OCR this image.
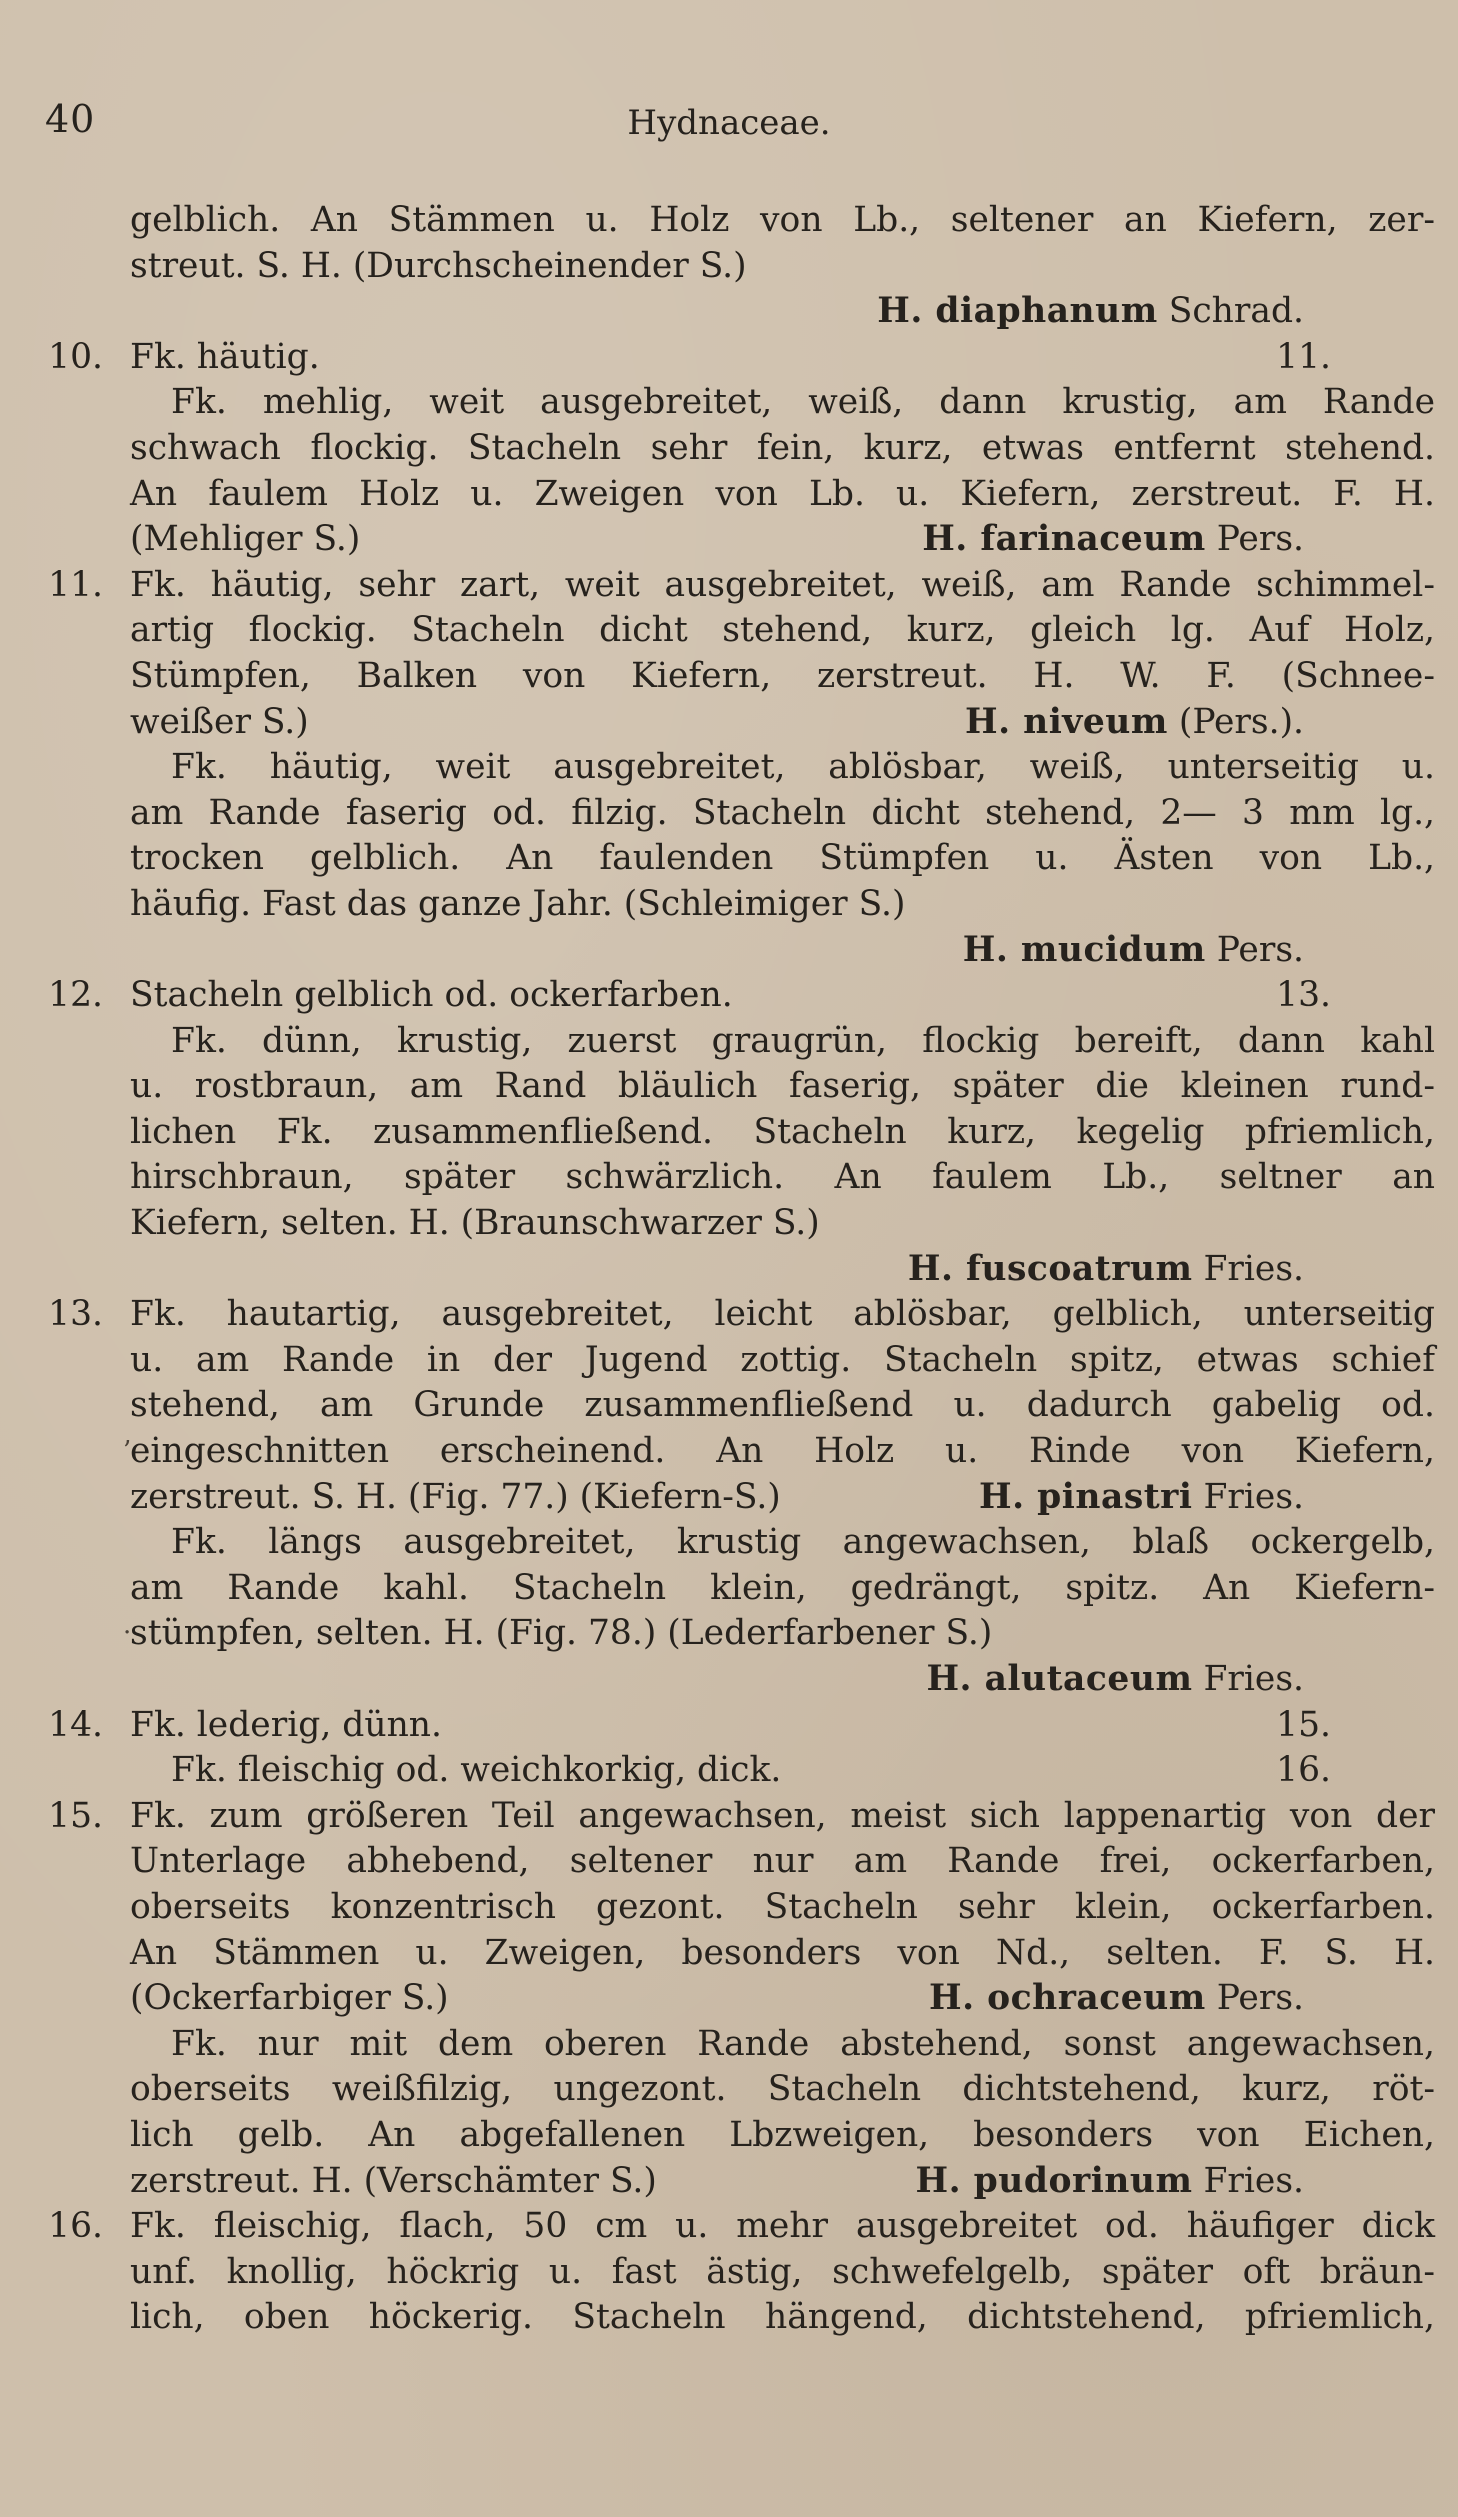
40	Hydnaceae.
gelblich. An Stämmen u. Holz von Lb., seltener an Kiefern, zer-
streut. S. H. (Durchscheinender S.)
H. diaphanum Schrad.
10. Fk. häutig.	11.
Fk. mehlig, weit ausgebreitet, weiß, dann krustig, am Rande
schwach flockig. Stacheln sehr fein, kurz, etwas entfernt stehend.
An faulem Holz u. Zweigen von Lb. u. Kiefern, zerstreut. F. H.
(Mehliger S.)	H. farinaceum Pers.
11. Fk. häutig, sehr zart, weit ausgebreitet, weiß, am Rande schimmel-
artig flockig. Stacheln dicht stehend, kurz, gleich lg. Auf Holz,
Stümpfen, Balken von Kiefern, zerstreut. H. W. F. (Schnee-
weißer S.)	H. niveum (Pers.).
Fk. häutig, weit ausgebreitet, ablösbar, weiß, unterseitig u.
am Rande faserig od. filzig. Stacheln dicht stehend, 2— 3 mm lg.,
trocken gelblich. An faulenden Stümpfen u. Ästen von Lb.,
häufig. Fast das ganze Jahr. (Schleimiger S.)
H. mucidum Pers.
12. Stacheln gelblich od. ockerfarben.	13.
Fk. dünn, krustig, zuerst graugrün, flockig bereift, dann kahl
u. rostbraun, am Rand bläulich faserig, später die kleinen rund-
lichen Fk. zusammenfließend. Stacheln kurz, kegelig pfriemlich,
hirschbraun, später schwärzlich. An faulem Lb., seltner an
Kiefern, selten. H. (Braunschwarzer S.)
H. fuscoatrum Fries.
13. Fk. hautartig, ausgebreitet, leicht ablösbar, gelblich, unterseitig
u. am Rande in der Jugend zottig. Stacheln spitz, etwas schief
stehend, am Grunde zusammenfließend u. dadurch gabelig od.
’
eingeschnitten erscheinend. An Holz u. Rinde von Kiefern,
zerstreut. S. H. (Fig. 77.) (Kiefern-S.)	H. pinastri Fries.
Fk. längs ausgebreitet, krustig angewachsen, blaß ockergelb,
am Rande kahl. Stacheln klein, gedrängt, spitz. An Kiefern-
·
stümpfen, selten. H. (Fig. 78.) (Lederfarbener S.)
H. alutaceum Fries.
14. Fk. lederig, dünn.	15.
Fk. fleischig od. weichkorkig, dick.	16.
15. Fk. zum größeren Teil angewachsen, meist sich lappenartig von der
Unterlage abhebend, seltener nur am Rande frei, ockerfarben,
oberseits konzentrisch gezont. Stacheln sehr klein, ockerfarben.
An Stämmen u. Zweigen, besonders von Nd., selten. F. S. H.
(Ockerfarbiger S.)	H. ochraceum Pers.
Fk. nur mit dem oberen Rande abstehend, sonst angewachsen,
oberseits weißfilzig, ungezont. Stacheln dichtstehend, kurz, röt-
lich gelb. An abgefallenen Lbzweigen, besonders von Eichen,
zerstreut. H. (Verschämter S.)	H. pudorinum Fries.
16. Fk. fleischig, flach, 50 cm u. mehr ausgebreitet od. häufiger dick
unf. knollig, höckrig u. fast ästig, schwefelgelb, später oft bräun-
lich, oben höckerig. Stacheln hängend, dichtstehend, pfriemlich,
